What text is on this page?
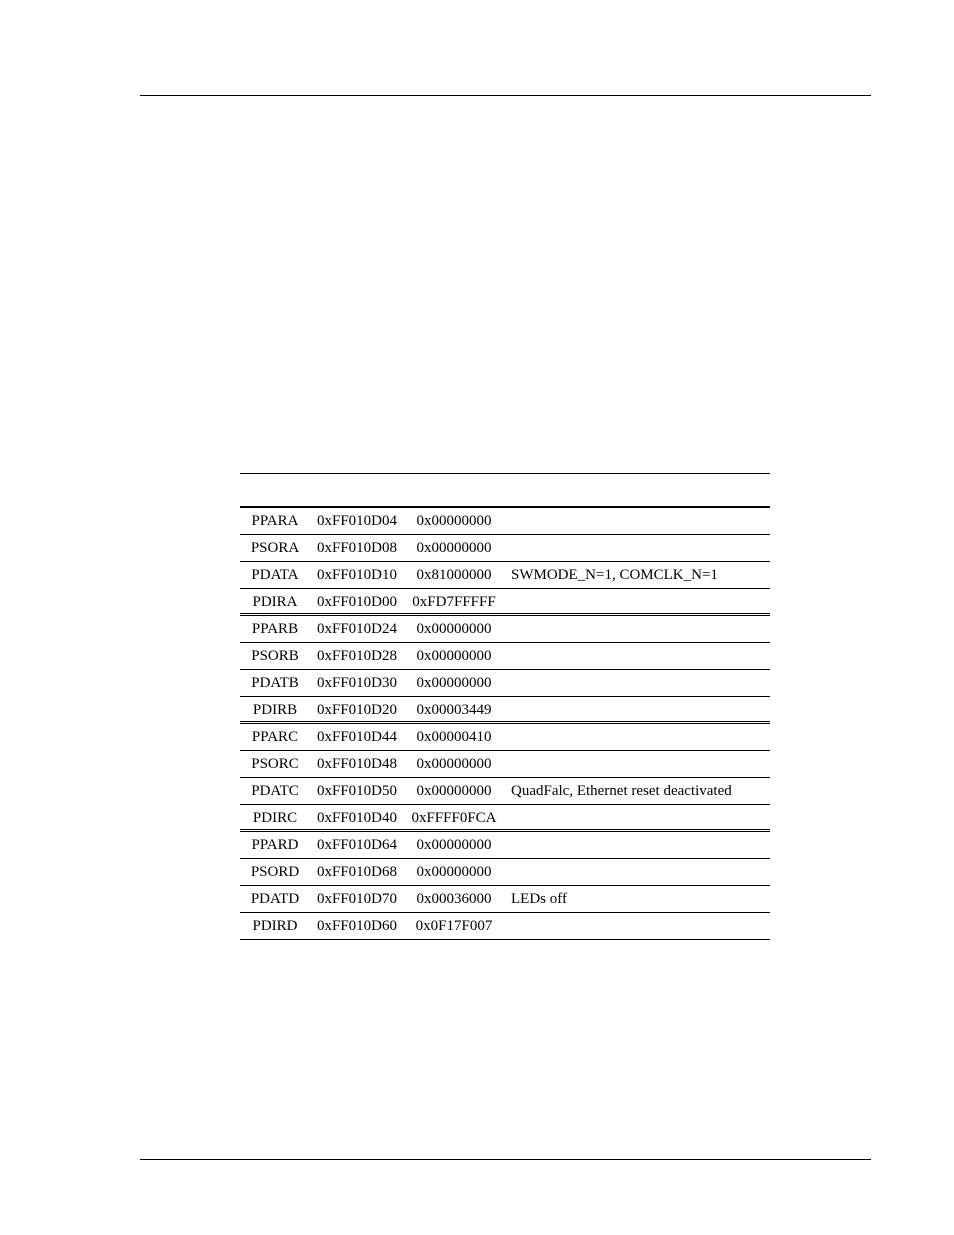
PPARA	0xFF010D04	0x00000000
PSORA	0xFF010D08	0x00000000
PDATA	0xFF010D10	0x81000000	SWMODE_N=1, COMCLK_N=1
PDIRA	0xFF010D00	0xFD7FFFFF
PPARB	0xFF010D24	0x00000000
PSORB	0xFF010D28	0x00000000
PDATB	0xFF010D30	0x00000000
PDIRB	0xFF010D20	0x00003449
PPARC	0xFF010D44	0x00000410
PSORC	0xFF010D48	0x00000000
PDATC	0xFF010D50	0x00000000	QuadFalc, Ethernet reset deactivated
PDIRC	0xFF010D40 0xFFFF0FCA
PPARD	0xFF010D64	0x00000000
PSORD	0xFF010D68	0x00000000
PDATD	0xFF010D70	0x00036000	LEDs off
PDIRD	0xFF010D60	0x0F17F007
